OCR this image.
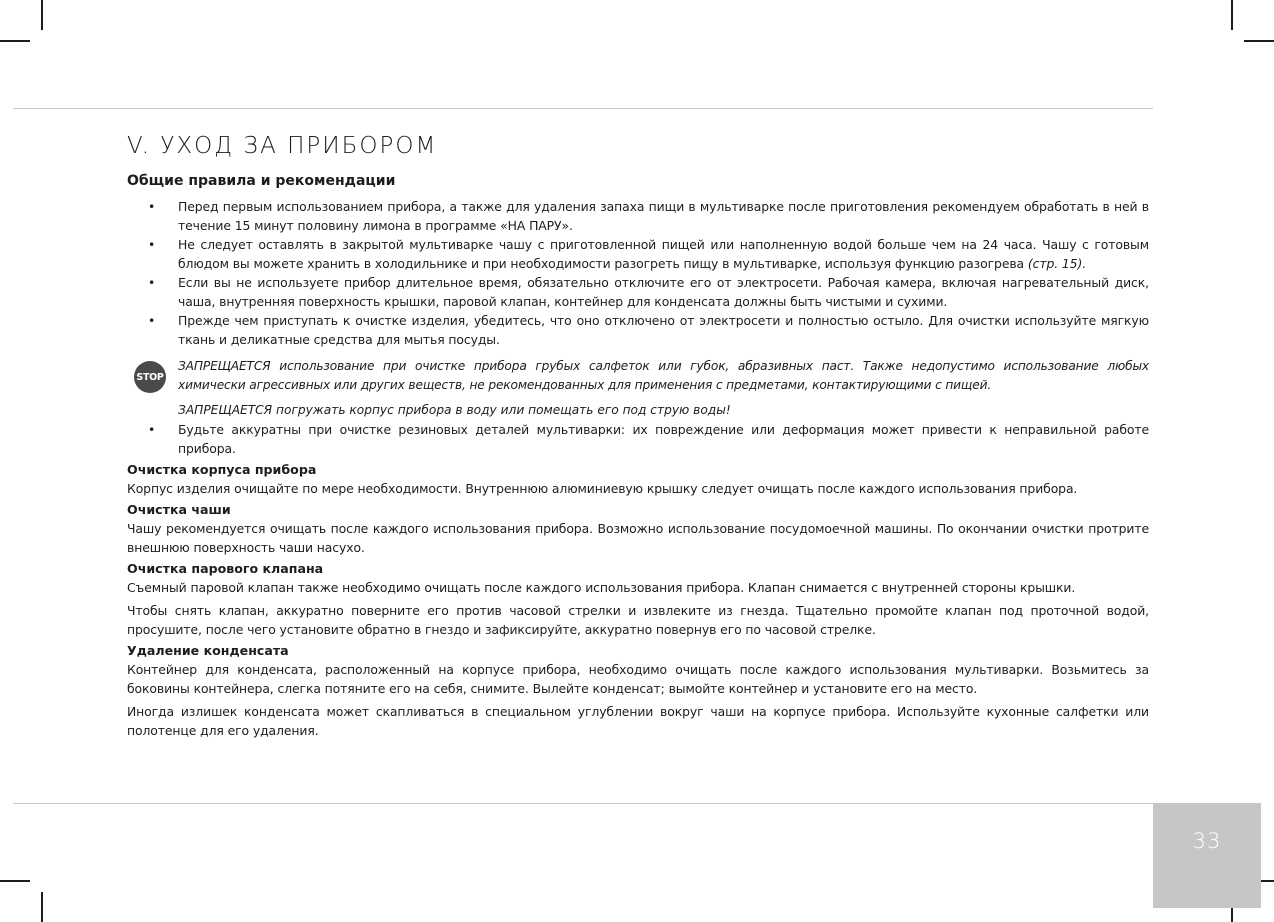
V. УХОД ЗА ПРИБОРОМ
Общие правила и рекомендации
• Перед первым использованием прибора, а также для удаления запаха пищи в мультиварке после приготовления рекомендуем обработать в ней в течение 15 минут половину лимона в программе «НА ПАРУ».
• Не следует оставлять в закрытой мультиварке чашу с приготовленной пищей или наполненную водой больше чем на 24 часа. Чашу с готовым блюдом вы можете хранить в холодильнике и при необходимости разогреть пищу в мультиварке, используя функцию разогрева (стр. 15).
• Если вы не используете прибор длительное время, обязательно отключите его от электросети. Рабочая камера, включая нагревательный диск, чаша, внутренняя поверхность крышки, паровой клапан, контейнер для конденсата должны быть чистыми и сухими.
• Прежде чем приступать к очистке изделия, убедитесь, что оно отключено от электросети и полностью остыло. Для очистки используйте мягкую ткань и деликатные средства для мытья посуды.
STOP

ЗАПРЕЩАЕТСЯ использование при очистке прибора грубых салфеток или губок, абразивных паст. Также недопустимо использование любых химически агрессивных или других веществ, не рекомендованных для применения с предметами, контактирующими с пищей.

ЗАПРЕЩАЕТСЯ погружать корпус прибора в воду или помещать его под струю воды!

• Будьте аккуратны при очистке резиновых деталей мультиварки: их повреждение или деформация может привести к неправильной работе прибора.
Очистка корпуса прибора

Корпус изделия очищайте по мере необходимости. Внутреннюю алюминиевую крышку следует очищать после каждого использования прибора.

Очистка чаши

Чашу рекомендуется очищать после каждого использования прибора. Возможно использование посудомоечной машины. По окончании очистки протрите внешнюю поверхность чаши насухо.

Очистка парового клапана

Съемный паровой клапан также необходимо очищать после каждого использования прибора. Клапан снимается с внутренней стороны крышки.

Чтобы снять клапан, аккуратно поверните его против часовой стрелки и извлеките из гнезда. Тщательно промойте клапан под проточной водой, просушите, после чего установите обратно в гнездо и зафиксируйте, аккуратно повернув его по часовой стрелке.

Удаление конденсата

Контейнер для конденсата, расположенный на корпусе прибора, необходимо очищать после каждого использования мультиварки. Возьмитесь за боковины контейнера, слегка потяните его на себя, снимите. Вылейте конденсат; вымойте контейнер и установите его на место.

Иногда излишек конденсата может скапливаться в специальном углублении вокруг чаши на корпусе прибора. Используйте кухонные салфетки или полотенце для его удаления.

33
